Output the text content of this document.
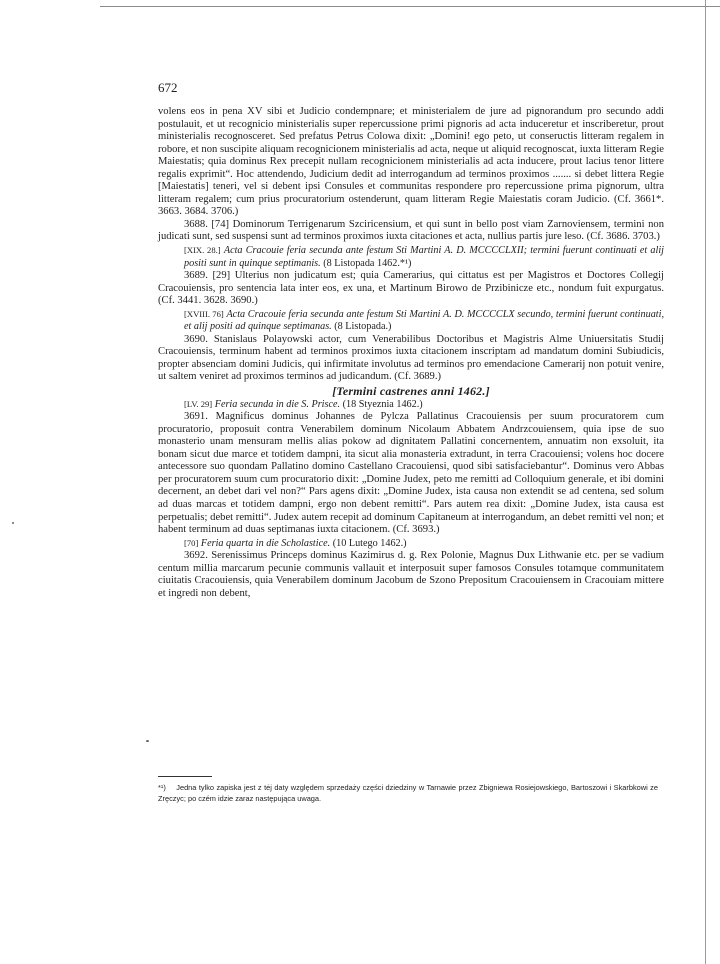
672

volens eos in pena XV sibi et Judicio condempnare; et ministerialem de jure ad pignorandum pro secundo addi postulauit, et ut recognicio ministerialis super repercussione primi pignoris ad acta induceretur et inscriberetur, prout ministerialis recognosceret. Sed prefatus Petrus Colowa dixit: „Domini! ego peto, ut conseructis litteram regalem in robore, et non suscipite aliquam recognicionem ministerialis ad acta, neque ut aliquid recognoscat, iuxta litteram Regie Maiestatis; quia dominus Rex precepit nullam recognicionem ministerialis ad acta inducere, prout lacius tenor littere regalis exprimit“. Hoc attendendo, Judicium dedit ad interrogandum ad terminos proximos ....... si debet littera Regie [Maiestatis] teneri, vel si debent ipsi Consules et communitas respondere pro repercussione prima pignorum, ultra litteram regalem; cum prius procuratorium ostenderunt, quam litteram Regie Maiestatis coram Judicio. (Cf. 3661*. 3663. 3684. 3706.)

3688. [74] Dominorum Terrigenarum Szciricensium, et qui sunt in bello post viam Zarnoviensem, termini non judicati sunt, sed suspensi sunt ad terminos proximos iuxta citaciones et acta, nullius partis jure leso. (Cf. 3686. 3703.)

[XIX. 28.] Acta Cracouie feria secunda ante festum Sti Martini A. D. MCCCCLXII; termini fuerunt continuati et alij positi sunt in quinque septimanis. (8 Listopada 1462.*¹)

3689. [29] Ulterius non judicatum est; quia Camerarius, qui cittatus est per Magistros et Doctores Collegij Cracouiensis, pro sentencia lata inter eos, ex una, et Martinum Birowo de Przibinicze etc., nondum fuit expurgatus. (Cf. 3441. 3628. 3690.)

[XVIII. 76] Acta Cracouie feria secunda ante festum Sti Martini A. D. MCCCCLX secundo, termini fuerunt continuati, et alij positi ad quinque septimanas. (8 Listopada.)

3690. Stanislaus Polayowski actor, cum Venerabilibus Doctoribus et Magistris Alme Uniuersitatis Studij Cracouiensis, terminum habent ad terminos proximos iuxta citacionem inscriptam ad mandatum domini Subiudicis, propter absenciam domini Judicis, qui infirmitate involutus ad terminos pro emendacione Camerarij non potuit venire, ut saltem veniret ad proximos terminos ad judicandum. (Cf. 3689.)

[Termini castrenes anni 1462.]

[LV. 29] Feria secunda in die S. Prisce. (18 Styeznia 1462.)

3691. Magnificus dominus Johannes de Pylcza Pallatinus Cracouiensis per suum procuratorem cum procuratorio, proposuit contra Venerabilem dominum Nicolaum Abbatem Andrzcouiensem, quia ipse de suo monasterio unam mensuram mellis alias pokow ad dignitatem Pallatini concernentem, annuatim non exsoluit, ita bonam sicut due marce et totidem dampni, ita sicut alia monasteria extradunt, in terra Cracouiensi; volens hoc docere antecessore suo quondam Pallatino domino Castellano Cracouiensi, quod sibi satisfaciebantur“. Dominus vero Abbas per procuratorem suum cum procuratorio dixit: „Domine Judex, peto me remitti ad Colloquium generale, et ibi domini decernent, an debet dari vel non?“ Pars agens dixit: „Domine Judex, ista causa non extendit se ad centena, sed solum ad duas marcas et totidem dampni, ergo non debent remitti“. Pars autem rea dixit: „Domine Judex, ista causa est perpetualis; debet remitti“. Judex autem recepit ad dominum Capitaneum at interrogandum, an debet remitti vel non; et habent terminum ad duas septimanas iuxta citacionem. (Cf. 3693.)

[70] Feria quarta in die Scholastice. (10 Lutego 1462.)

3692. Serenissimus Princeps dominus Kazimirus d. g. Rex Polonie, Magnus Dux Lithwanie etc. per se vadium centum millia marcarum pecunie communis vallauit et interposuit super famosos Consules totamque communitatem ciuitatis Cracouiensis, quia Venerabilem dominum Jacobum de Szono Prepositum Cracouiensem in Cracouiam mittere et ingredi non debent,

*¹) Jedna tylko zapiska jest z tėj daty względem sprzedaży części dziedziny w Tarnawie przez Zbigniewa Rosiejowskiego, Bartoszowi i Skarbkowi ze Zręczyc; po czém idzie zaraz następująca uwaga.
